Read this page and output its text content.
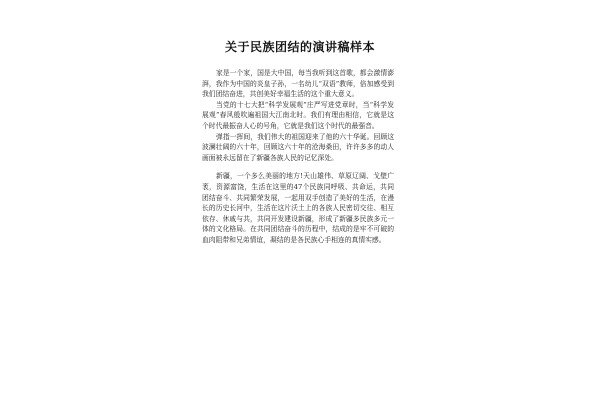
关于民族团结的演讲稿样本

家是一个家，国是大中国，每当我听到这首歌，都会激情澎湃，我作为中国的炎皇子孙，一名幼儿“双语”教师，倍加感受到我们团结奋进，共创美好幸福生活的这个重大意义。

当党的十七大把“科学发展观”庄严写进党章时，当“科学发展观”春风般吹遍祖国大江南北时。我们有理由相信，它就是这个时代最振奋人心的号角，它就是我们这个时代的最强音。

弹指一挥间，我们伟大的祖国迎来了他的六十华诞。回顾这波澜壮阔的六十年，回顾这六十年的沧海桑田，许许多多的动人画面被永远留在了新疆各族人民的记忆深处。

新疆，一个多么美丽的地方!天山雄伟、草原辽阔、戈壁广袤，资源富饶，生活在这里的47个民族同呼吸、共命运，共同团结奋斗、共同繁荣发展，一起用双手创造了美好的生活，在漫长的历史长河中，生活在这片沃土上的各族人民密切交往、相互依存、休戚与共，共同开发建设新疆，形成了新疆多民族多元一体的文化格局。在共同团结奋斗的历程中，结成的是牢不可破的血肉阻带和兄弟情谊，凝结的是各民族心手相连的真情实感。
